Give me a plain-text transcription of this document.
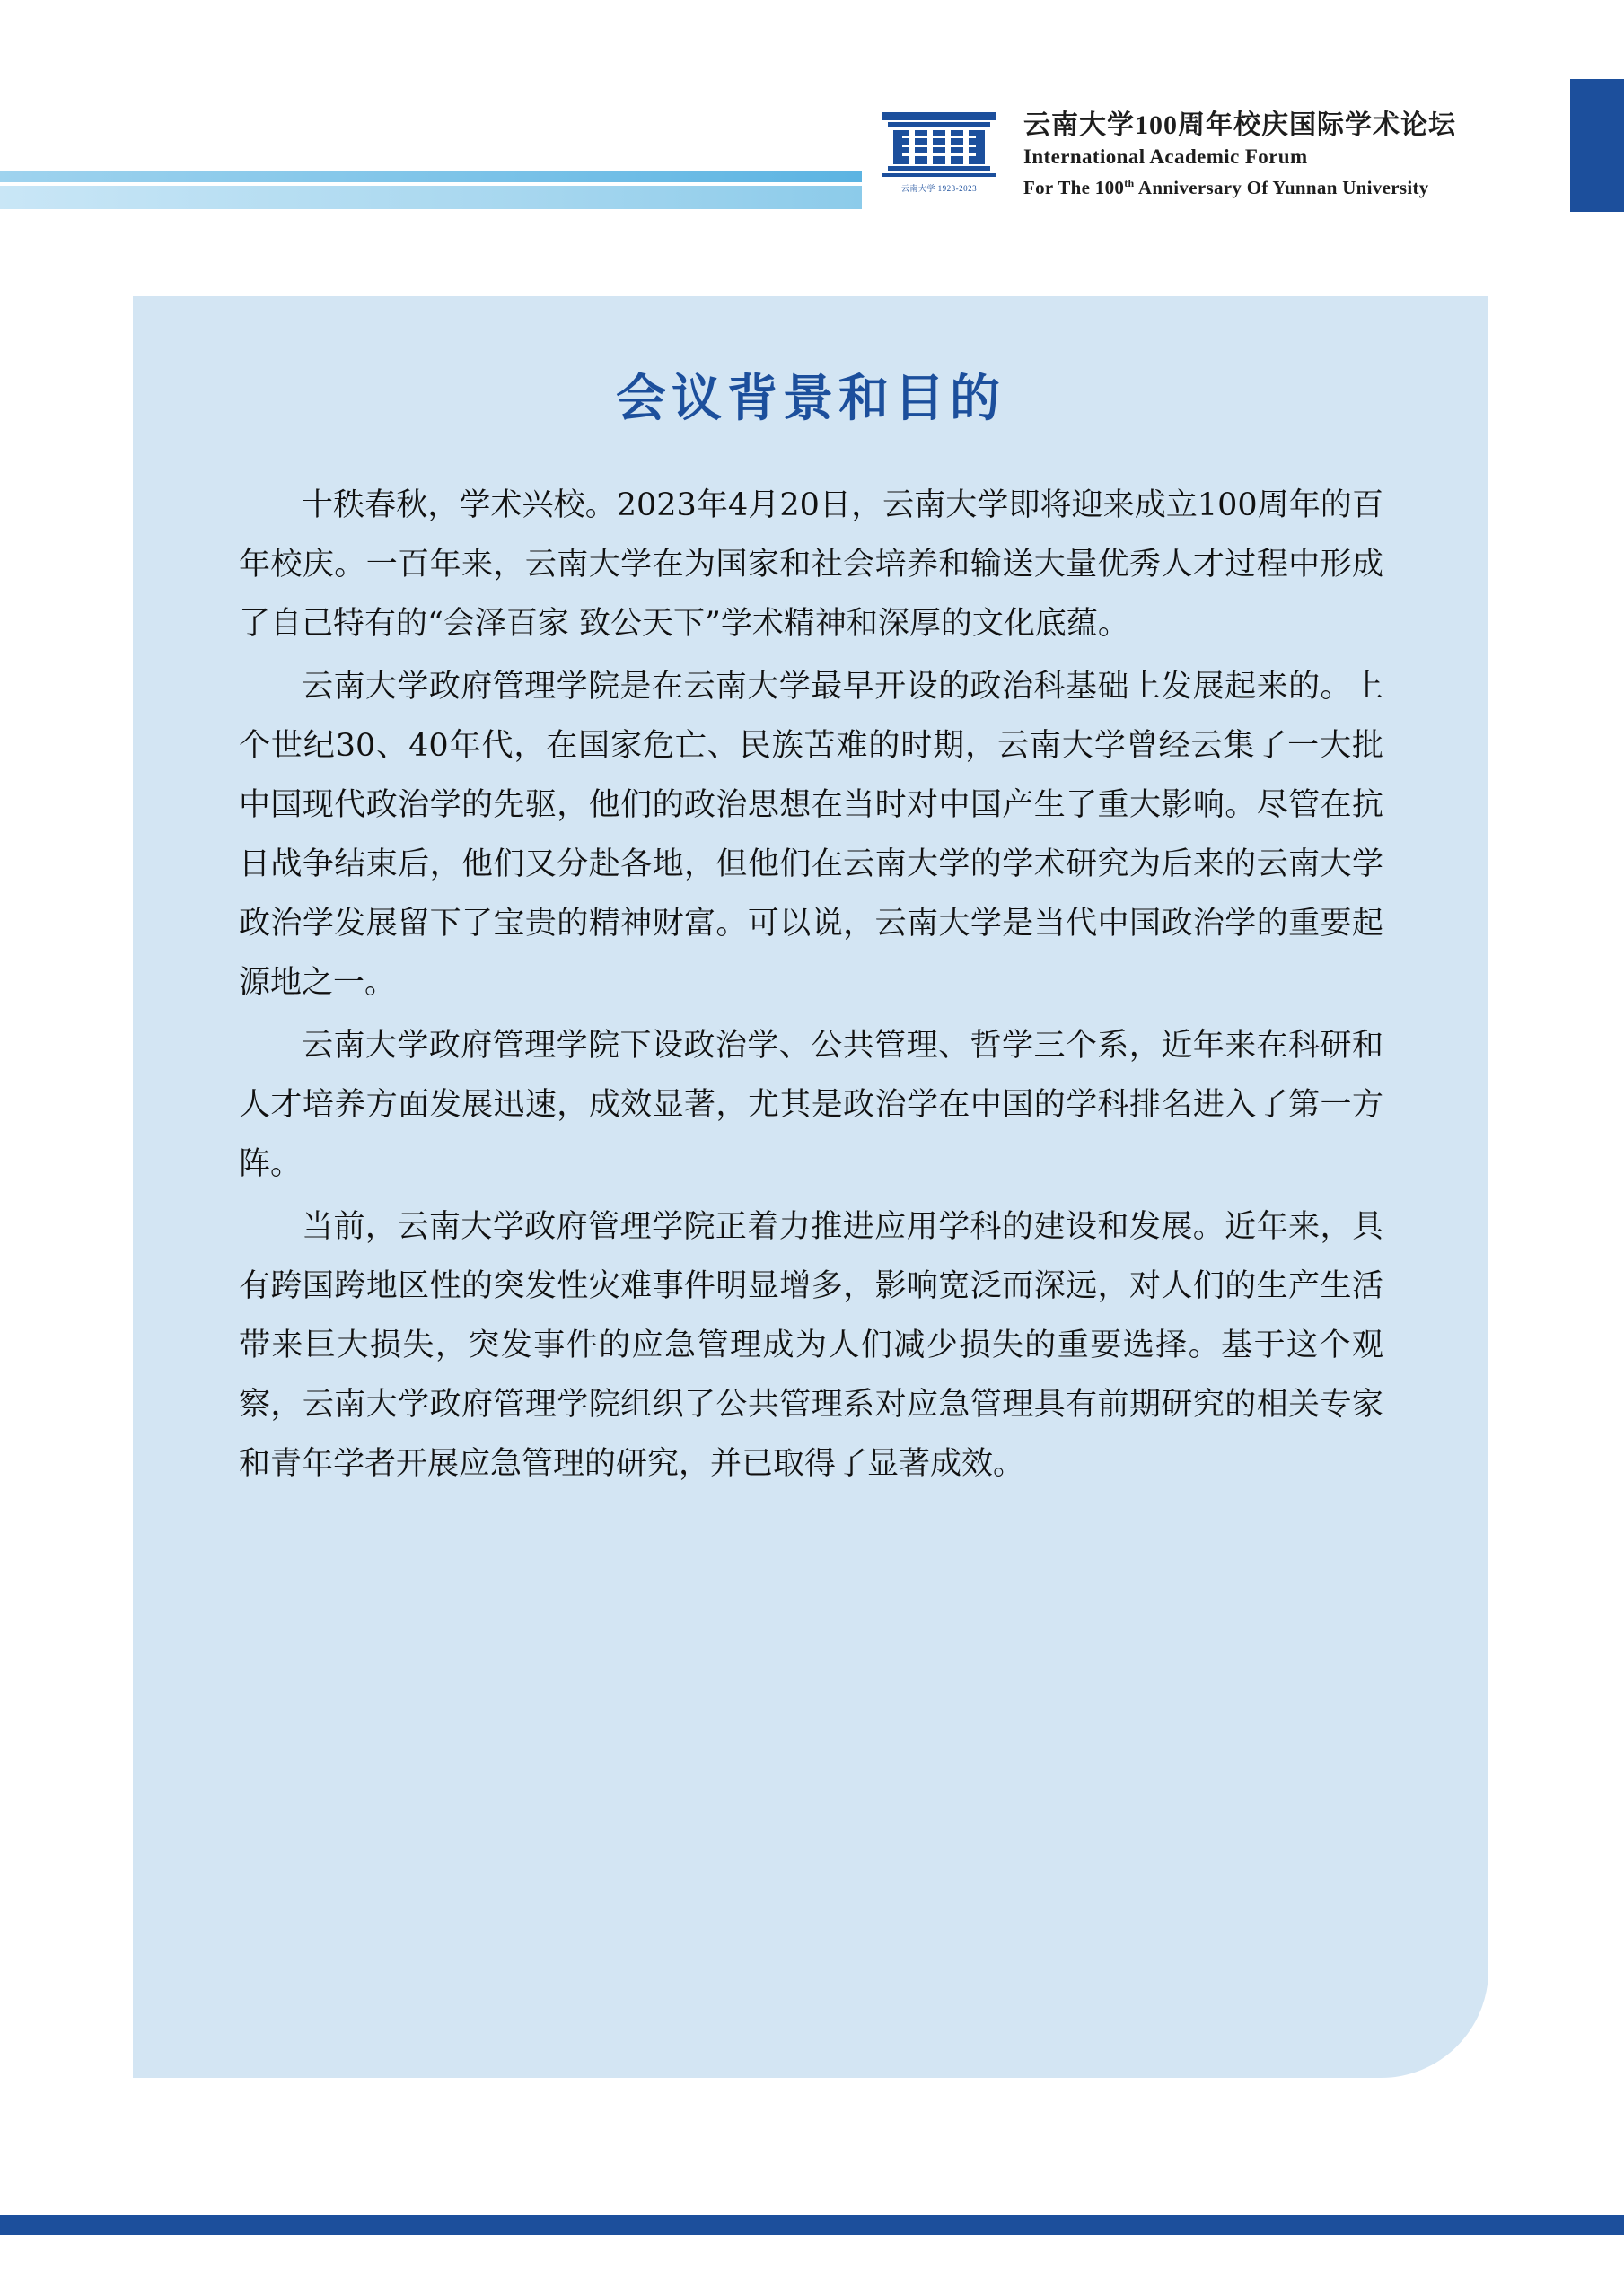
云南大学 1923-2023
云南大学100周年校庆国际学术论坛
International Academic Forum
For The 100th Anniversary Of Yunnan University
会议背景和目的

十秩春秋，学术兴校。2023年4月20日，云南大学即将迎来成立100周年的百年校庆。一百年来，云南大学在为国家和社会培养和输送大量优秀人才过程中形成了自己特有的“会泽百家 致公天下”学术精神和深厚的文化底蕴。

云南大学政府管理学院是在云南大学最早开设的政治科基础上发展起来的。上个世纪30、40年代，在国家危亡、民族苦难的时期，云南大学曾经云集了一大批中国现代政治学的先驱，他们的政治思想在当时对中国产生了重大影响。尽管在抗日战争结束后，他们又分赴各地，但他们在云南大学的学术研究为后来的云南大学政治学发展留下了宝贵的精神财富。可以说，云南大学是当代中国政治学的重要起源地之一。

云南大学政府管理学院下设政治学、公共管理、哲学三个系，近年来在科研和人才培养方面发展迅速，成效显著，尤其是政治学在中国的学科排名进入了第一方阵。

当前，云南大学政府管理学院正着力推进应用学科的建设和发展。近年来，具有跨国跨地区性的突发性灾难事件明显增多，影响宽泛而深远，对人们的生产生活带来巨大损失，突发事件的应急管理成为人们减少损失的重要选择。基于这个观察，云南大学政府管理学院组织了公共管理系对应急管理具有前期研究的相关专家和青年学者开展应急管理的研究，并已取得了显著成效。
